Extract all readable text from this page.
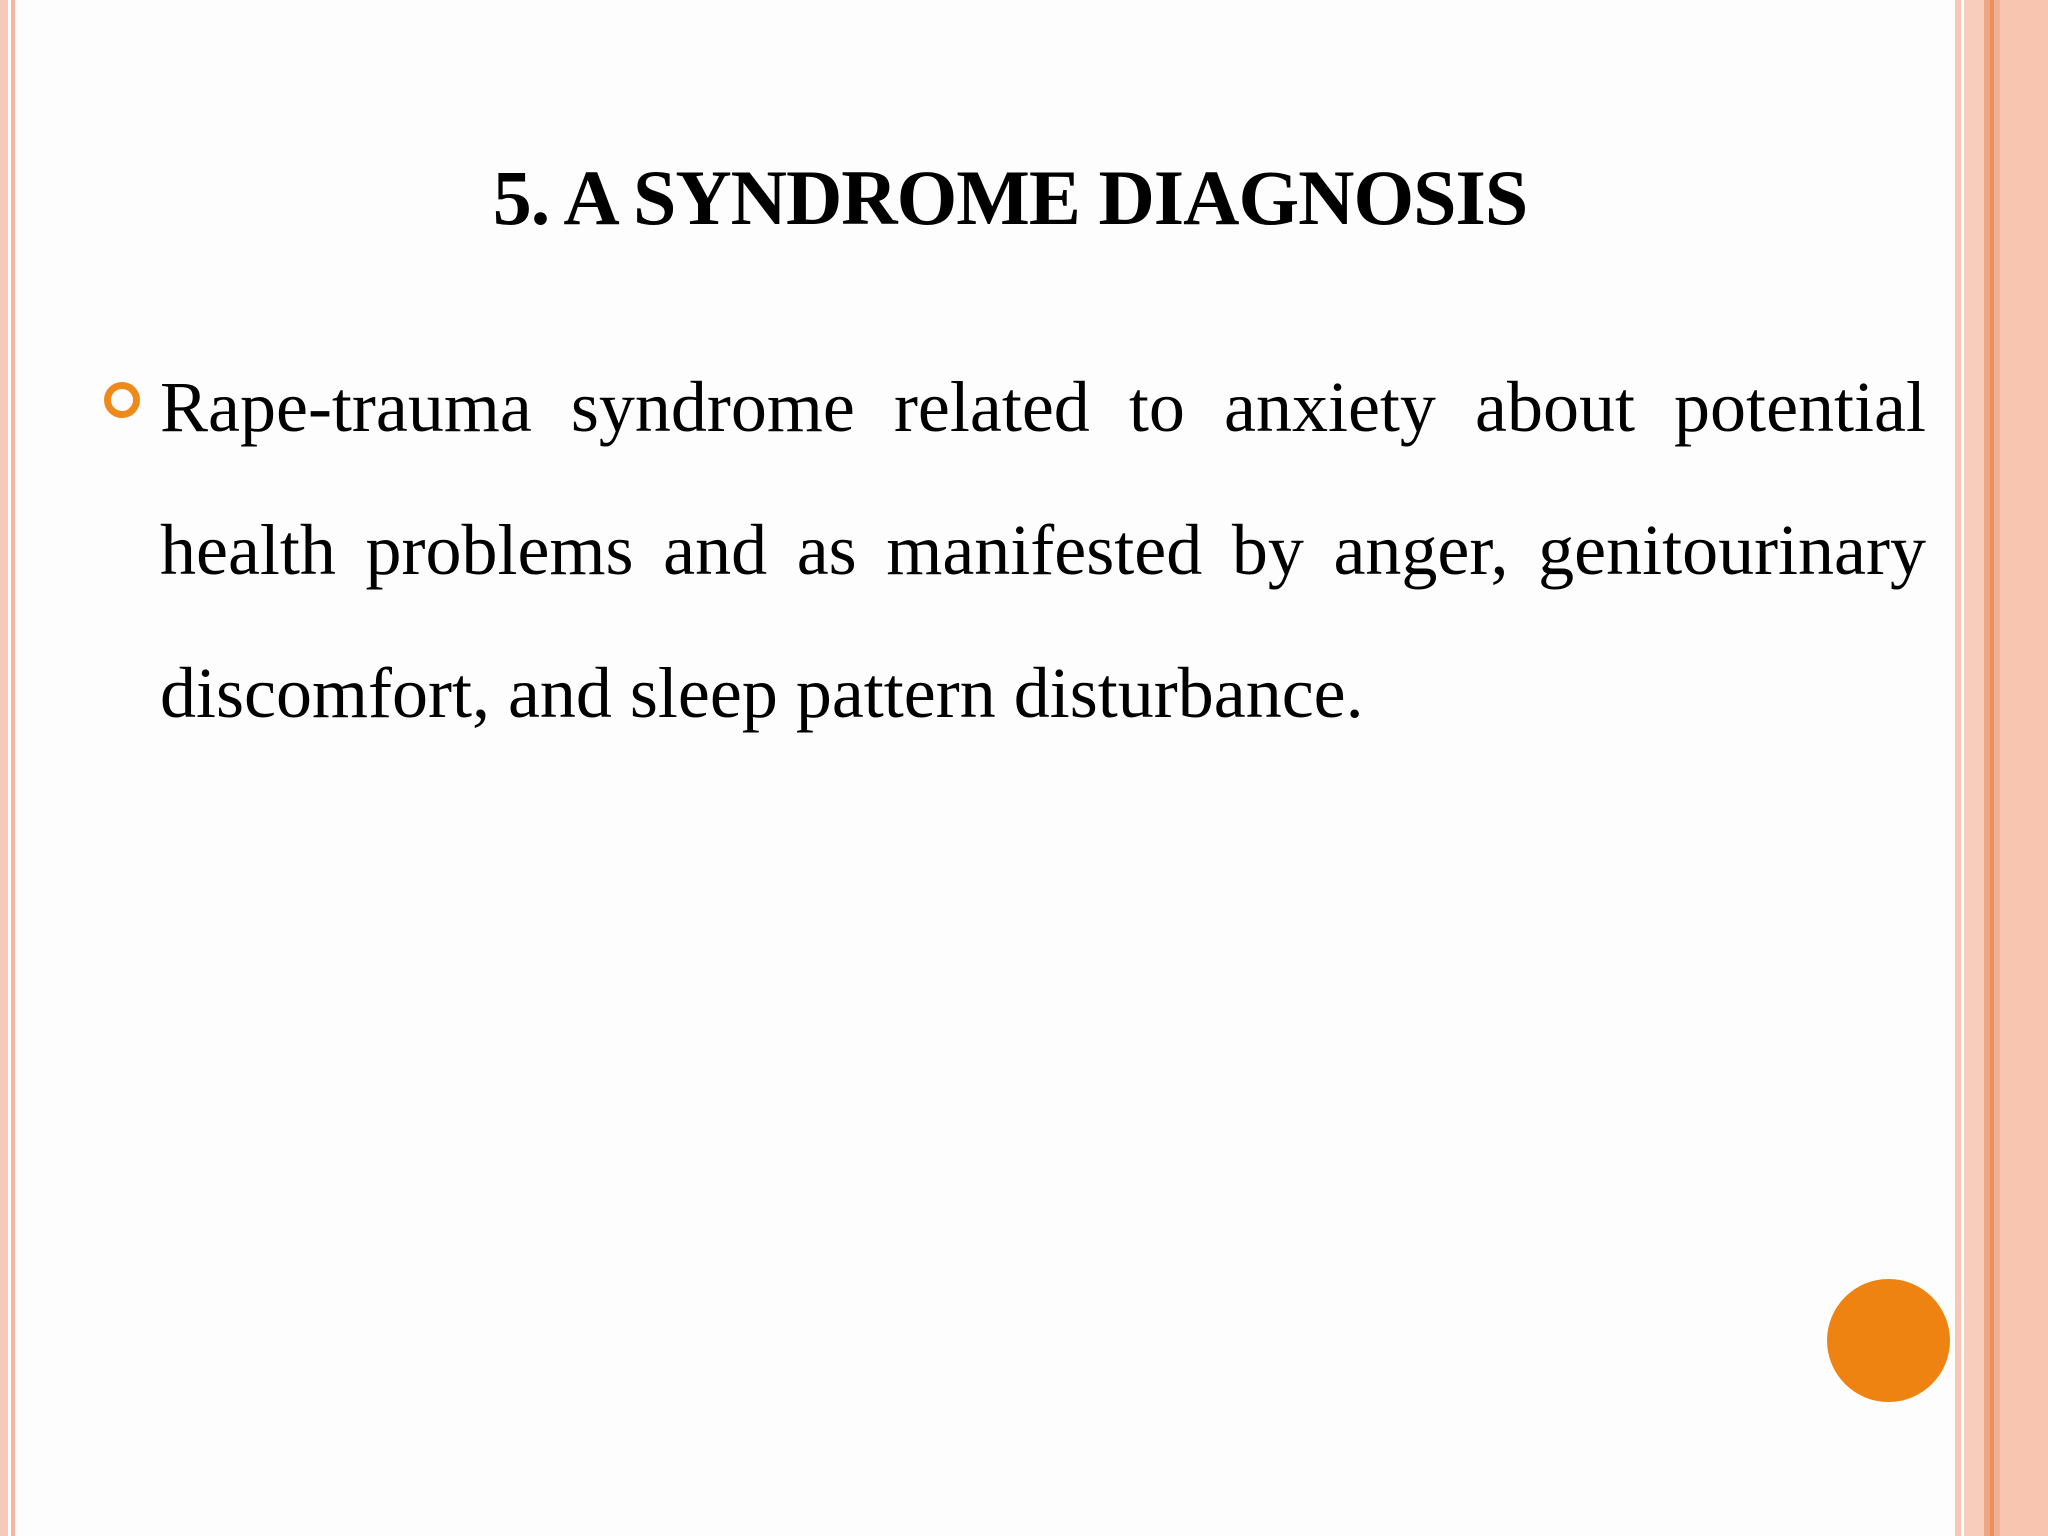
5. A SYNDROME DIAGNOSIS
Rape-trauma syndrome related to anxiety about potential health problems and as manifested by anger, genitourinary discomfort, and sleep pattern disturbance.
